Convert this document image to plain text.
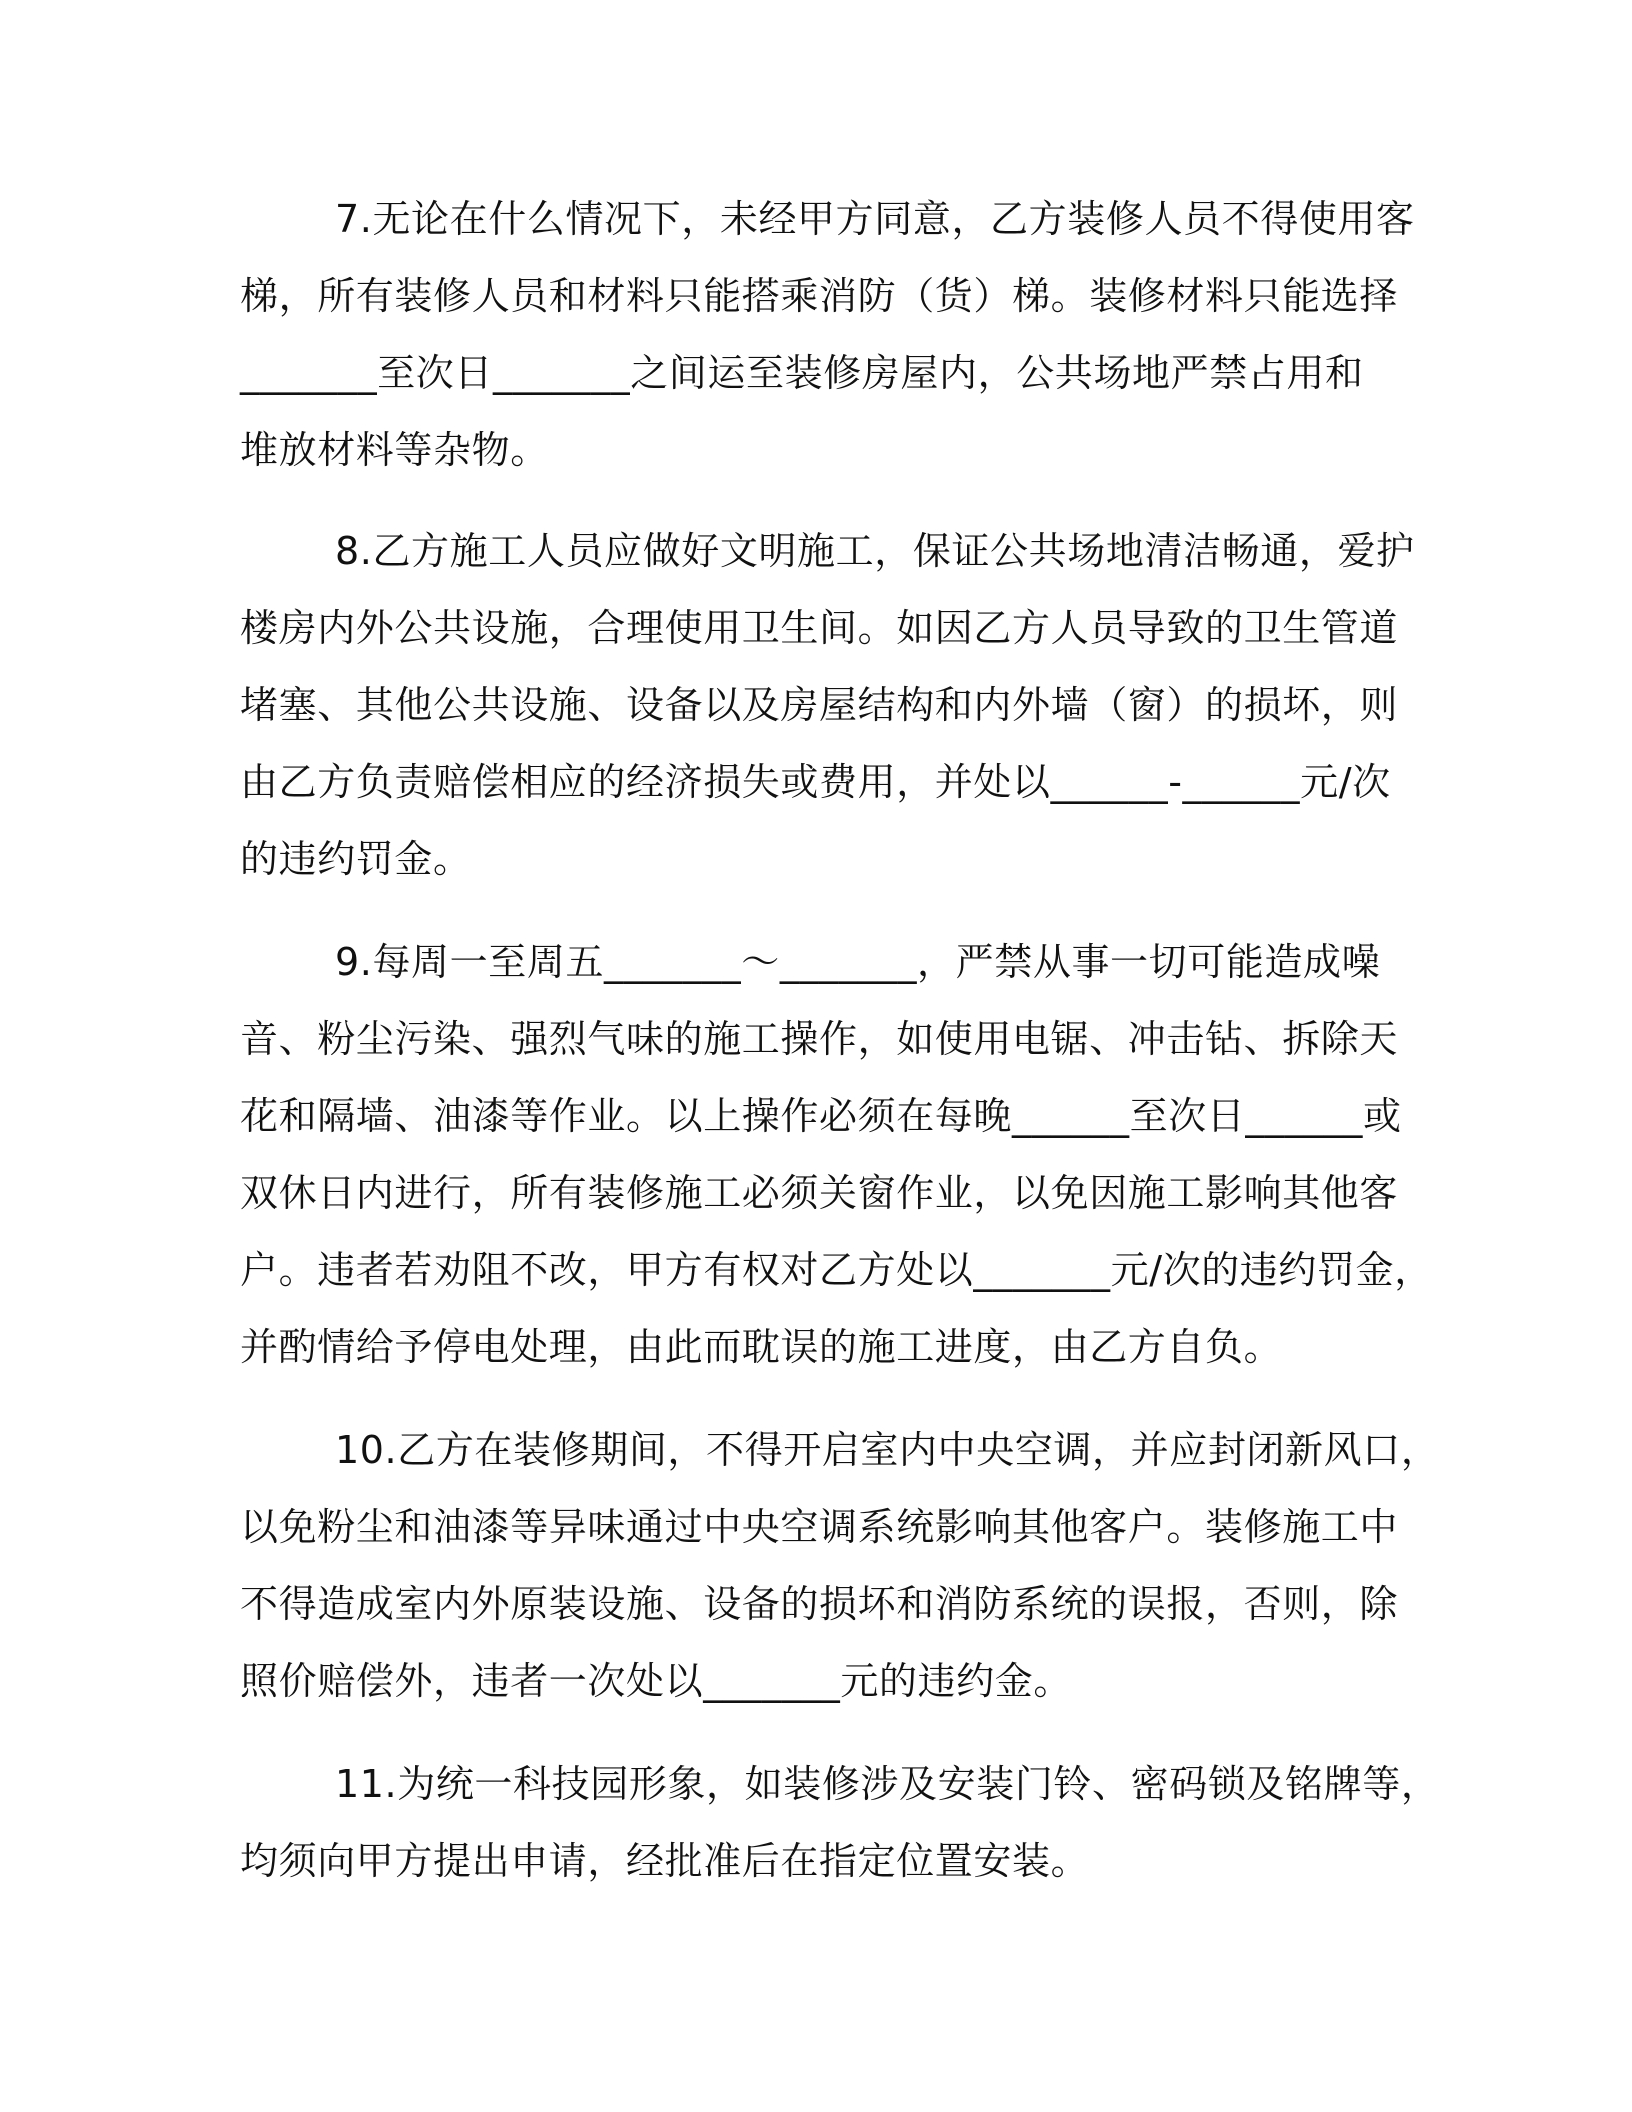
7.无论在什么情况下，未经甲方同意，乙方装修人员不得使用客
梯，所有装修人员和材料只能搭乘消防（货）梯。装修材料只能选择
_______至次日_______之间运至装修房屋内，公共场地严禁占用和
堆放材料等杂物。
8.乙方施工人员应做好文明施工，保证公共场地清洁畅通，爱护
楼房内外公共设施，合理使用卫生间。如因乙方人员导致的卫生管道
堵塞、其他公共设施、设备以及房屋结构和内外墙（窗）的损坏，则
由乙方负责赔偿相应的经济损失或费用，并处以______-______元/次
的违约罚金。
9.每周一至周五_______～_______，严禁从事一切可能造成噪
音、粉尘污染、强烈气味的施工操作，如使用电锯、冲击钻、拆除天
花和隔墙、油漆等作业。以上操作必须在每晚______至次日______或
双休日内进行，所有装修施工必须关窗作业，以免因施工影响其他客
户。违者若劝阻不改，甲方有权对乙方处以_______元/次的违约罚金，
并酌情给予停电处理，由此而耽误的施工进度，由乙方自负。
10.乙方在装修期间，不得开启室内中央空调，并应封闭新风口，
以免粉尘和油漆等异味通过中央空调系统影响其他客户。装修施工中
不得造成室内外原装设施、设备的损坏和消防系统的误报，否则，除
照价赔偿外，违者一次处以_______元的违约金。
11.为统一科技园形象，如装修涉及安装门铃、密码锁及铭牌等，
均须向甲方提出申请，经批准后在指定位置安装。
